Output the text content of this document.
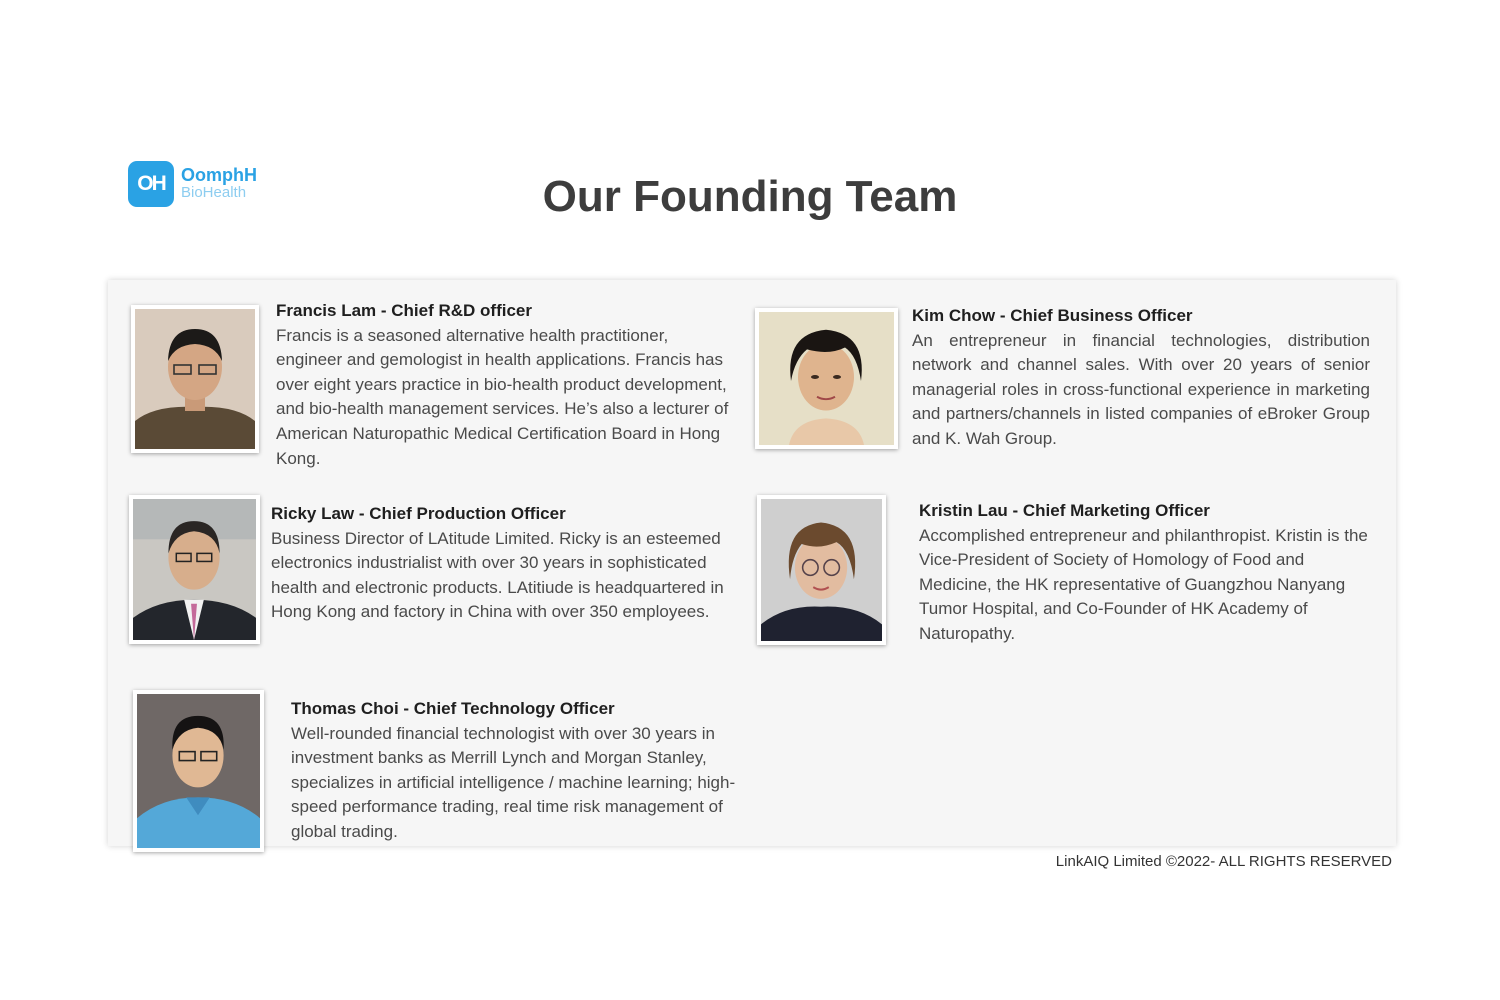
OH OomphH
BioHealth	Our Founding Team
Francis Lam - Chief R&D officer

Francis is a seasoned alternative health practitioner, engineer and gemologist in health applications. Francis has over eight years practice in bio-health product development, and bio-health management services. He’s also a lecturer of American Naturopathic Medical Certification Board in Hong Kong.

Kim Chow - Chief Business Officer

An entrepreneur in financial technologies, distribution network and channel sales. With over 20 years of senior managerial roles in cross-functional experience in marketing and partners/channels in listed companies of eBroker Group and K. Wah Group.

Ricky Law - Chief Production Officer

Business Director of LAtitude Limited. Ricky is an esteemed electronics industrialist with over 30 years in sophisticated health and electronic products. LAtitiude is headquartered in Hong Kong and factory in China with over 350 employees.

Kristin Lau - Chief Marketing Officer

Accomplished entrepreneur and philanthropist. Kristin is the Vice-President of Society of Homology of Food and Medicine, the HK representative of Guangzhou Nanyang Tumor Hospital, and Co-Founder of HK Academy of Naturopathy.

Thomas Choi - Chief Technology Officer

Well-rounded financial technologist with over 30 years in investment banks as Merrill Lynch and Morgan Stanley, specializes in artificial intelligence / machine learning; high-speed performance trading, real time risk management of global trading.

LinkAIQ Limited ©2022- ALL RIGHTS RESERVED
